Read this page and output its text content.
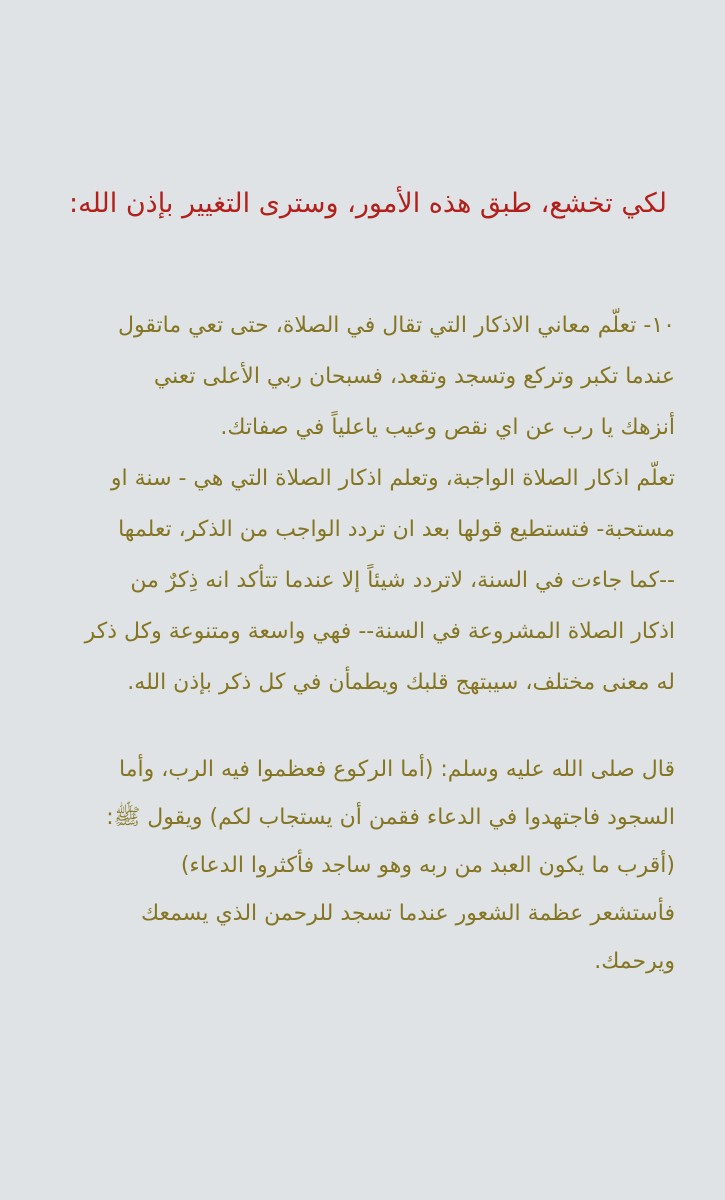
لكي تخشع، طبق هذه الأمور، وسترى التغيير بإذن الله:

١٠- تعلّم معاني الاذكار التي تقال في الصلاة، حتى تعي ماتقول
عندما تكبر وتركع وتسجد وتقعد، فسبحان ربي الأعلى تعني
أنزهك يا رب عن اي نقص وعيب ياعلياً في صفاتك.
تعلّم اذكار الصلاة الواجبة، وتعلم اذكار الصلاة التي هي - سنة او
مستحبة- فتستطيع قولها بعد ان تردد الواجب من الذكر، تعلمها
--كما جاءت في السنة، لاتردد شيئاً إلا عندما تتأكد انه ذِكرٌ من
اذكار الصلاة المشروعة في السنة-- فهي واسعة ومتنوعة وكل ذكر
له معنى مختلف، سيبتهج قلبك ويطمأن في كل ذكر بإذن الله.

قال صلى الله عليه وسلم: (أما الركوع فعظموا فيه الرب، وأما
السجود فاجتهدوا في الدعاء فقمن أن يستجاب لكم) ويقول ﷺ:
(أقرب ما يكون العبد من ربه وهو ساجد فأكثروا الدعاء)
فأستشعر عظمة الشعور عندما تسجد للرحمن الذي يسمعك
ويرحمك.
